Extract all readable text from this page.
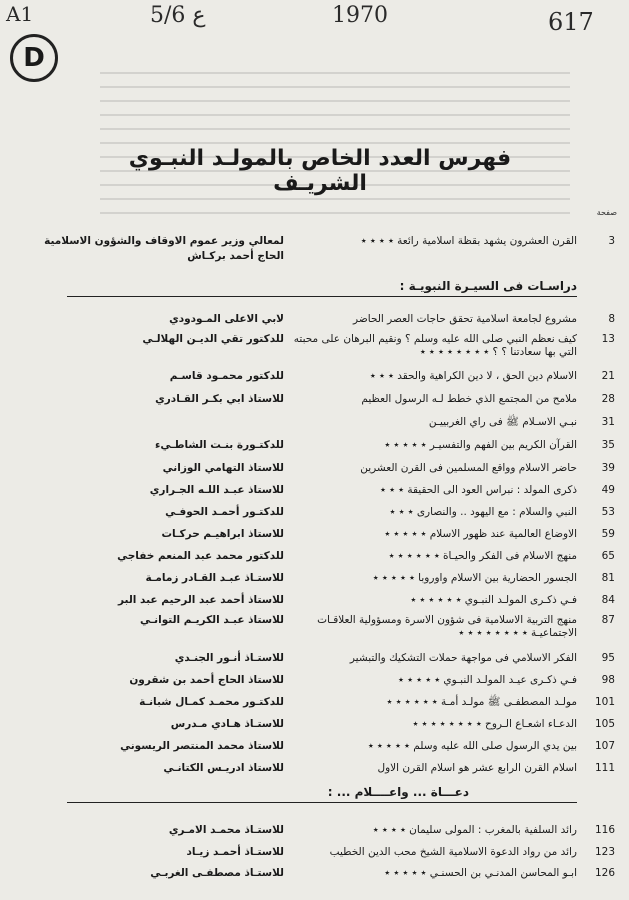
A1
D
5/6 ع	1970	617
فهرس العدد الخاص بالمولـد النبـوي الشريـف
صفحة
3
القرن العشرون يشهد بقظة اسلامية رائعة ٭ ٭ ٭ ٭
لمعالي وزير عموم الاوقاف والشؤون الاسلامية
الحاج أحمد بركـاش
دراسـات فى السيـرة النبويـة :
8
مشروع لجامعة اسلامية تحقق حاجات العصر الحاضر
لابي الاعلى المـودودي
13
كيف نعظم النبي صلى الله عليه وسلم ؟ ونقيم البرهان على محبته التي بها سعادتنا ؟ ؟ ٭ ٭ ٭ ٭ ٭ ٭ ٭ ٭
للدكتور تقي الديـن الهلالـي
21
الاسلام دين الحق ، لا دين الكراهية والحقد ٭ ٭ ٭
للدكتور محمـود قاسـم
28
ملامح من المجتمع الذي خطط لـه الرسول العظيم
للاستاذ ابي بكـر القـادري
31
نبـي الاسـلام ﷺ فى راي الغربييـن
35
القرآن الكريم بين الفهم والتفسيـر ٭ ٭ ٭ ٭ ٭
للدكتـورة بنـت الشاطـيء
39
حاضر الاسلام وواقع المسلمين فى القرن العشرين
للاستاذ التهامي الوزاني
49
ذكرى المولد : نبراس العود الى الحقيقة ٭ ٭ ٭
للاستاذ عبـد اللـه الجـراري
53
النبي والسلام : مع اليهود .. والنصارى ٭ ٭ ٭
للدكتـور أحمـد الحوفـي
59
الاوضاع العالمية عند ظهور الاسلام ٭ ٭ ٭ ٭ ٭
للاستاذ ابراهيـم حركـات
65
منهج الاسلام فى الفكر والحيـاة ٭ ٭ ٭ ٭ ٭ ٭
للدكتور محمد عبد المنعم خفاجي
81
الجسور الحضارية بين الاسلام واوروبا ٭ ٭ ٭ ٭ ٭
للاستـاذ عبـد القـادر زمامـة
84
فـي ذكـرى المولـد النبـوي ٭ ٭ ٭ ٭ ٭ ٭
للاستاذ أحمد عبد الرحيم عبد البر
87
منهج التربية الاسلامية فى شؤون الاسرة ومسؤولية العلاقـات الاجتماعيـة ٭ ٭ ٭ ٭ ٭ ٭ ٭ ٭
للاستاذ عبـد الكريـم التوانـي
95
الفكر الاسلامي فى مواجهة حملات التشكيك والتبشير
للاستـاذ أنـور الجنـدي
98
فـي ذكـرى عيـد المولـد النبـوي ٭ ٭ ٭ ٭ ٭
للاستاذ الحاج أحمد بن شقرون
101
مولـد المصطفـى ﷺ مولـد أمـة ٭ ٭ ٭ ٭ ٭ ٭
للدكتـور محمـد كمـال شبانـة
105
الدعـاء اشعـاع الـروح ٭ ٭ ٭ ٭ ٭ ٭ ٭ ٭
للاستـاذ هـادي مـدرس
107
بين يدي الرسول صلى الله عليه وسلم ٭ ٭ ٭ ٭ ٭
للاستاذ محمد المنتصر الريسوني
111
اسلام القرن الرابع عشر هو اسلام القرن الاول
للاستاذ ادريـس الكتانـي
دعـــاة ... واعــــلام ... :
116
رائد السلفية بالمغرب : المولى سليمان ٭ ٭ ٭ ٭
للاستـاذ محمـد الامـري
123
رائد من رواد الدعوة الاسلامية الشيخ محب الدين الخطيب
للاستـاذ أحمـد زيـاد
126
ابـو المحاسن المدنـي بن الحسنـي ٭ ٭ ٭ ٭ ٭
للاستـاذ مصطفـى الغربـي
